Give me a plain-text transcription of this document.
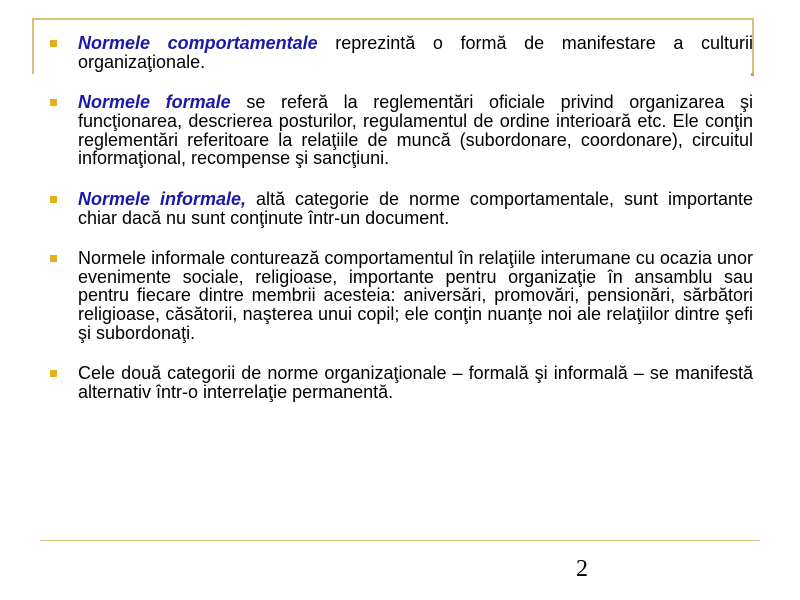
Normele comportamentale reprezintă o formă de manifestare a culturii organizaţionale.
Normele formale se referă la reglementări oficiale privind organizarea şi funcţionarea, descrierea posturilor, regulamentul de ordine interioară etc. Ele conţin reglementări referitoare la relaţiile de muncă (subordonare, coordonare), circuitul informaţional, recompense şi sancţiuni.
Normele informale, altă categorie de norme comportamentale, sunt importante chiar dacă nu sunt conţinute într-un document.
Normele informale conturează comportamentul în relaţiile interumane cu ocazia unor evenimente sociale, religioase, importante pentru organizaţie în ansamblu sau pentru fiecare dintre membrii acesteia: aniversări, promovări, pensionări, sărbători religioase, căsătorii, naşterea unui copil; ele conţin nuanţe noi ale relaţiilor dintre şefi şi subordonaţi.
Cele două categorii de norme organizaţionale – formală şi informală – se manifestă alternativ într-o interrelaţie permanentă.
2
